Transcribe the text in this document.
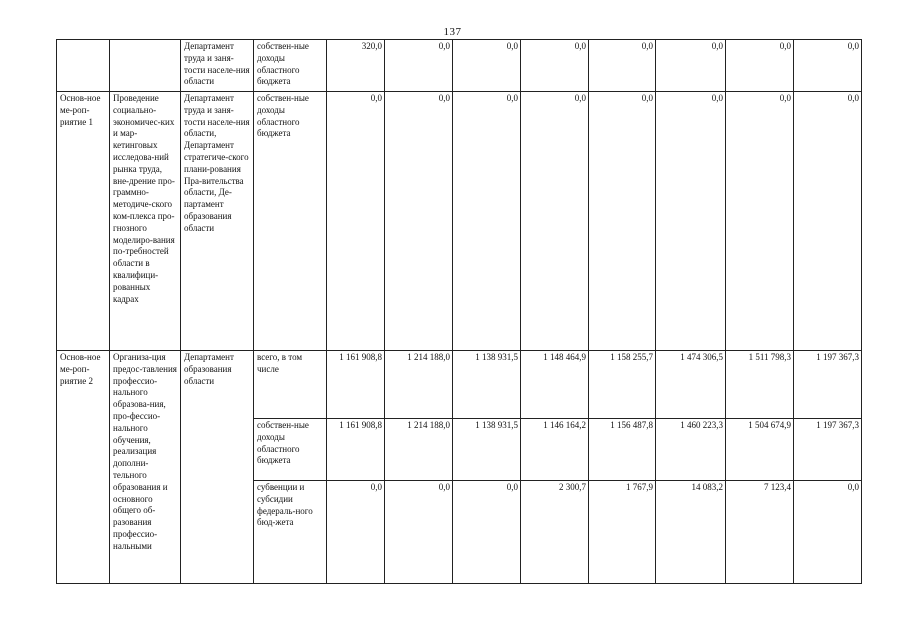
137
		Департамент труда и заня-тости населе-ния области	собствен-ные доходы областного бюджета	320,0	0,0	0,0	0,0	0,0	0,0	0,0	0,0
Основ-ное ме-роп-риятие 1	Проведение социально-экономичес-ких и мар-кетинговых исследова-ний рынка труда, вне-дрение про-граммно-методиче-ского ком-плекса про-гнозного моделиро-вания по-требностей области в квалифици-рованных кадрах	Департамент труда и заня-тости населе-ния области, Департамент стратегиче-ского плани-рования Пра-вительства области, Де-партамент образования области	собствен-ные доходы областного бюджета	0,0	0,0	0,0	0,0	0,0	0,0	0,0	0,0
Основ-ное ме-роп-риятие 2	Организа-ция предос-тавления профессио-нального образова-ния, про-фессио-нального обучения, реализация дополни-тельного образования и основного общего об-разования профессио-нальными	Департамент образования области	всего, в том числе	1 161 908,8	1 214 188,0	1 138 931,5	1 148 464,9	1 158 255,7	1 474 306,5	1 511 798,3	1 197 367,3
			собствен-ные доходы областного бюджета	1 161 908,8	1 214 188,0	1 138 931,5	1 146 164,2	1 156 487,8	1 460 223,3	1 504 674,9	1 197 367,3
			субвенции и субсидии федераль-ного бюд-жета	0,0	0,0	0,0	2 300,7	1 767,9	14 083,2	7 123,4	0,0
